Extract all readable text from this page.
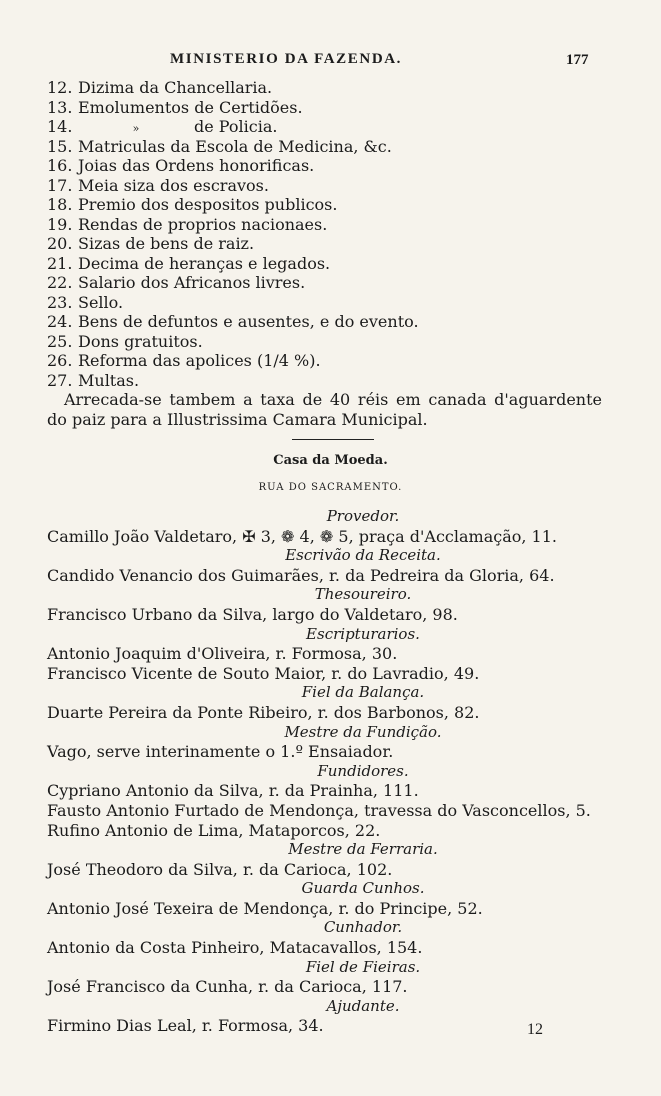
MINISTERIO DA FAZENDA.	177
12. Dizima da Chancellaria.
13. Emolumentos de Certidões.
14.	»	de Policia.
15. Matriculas da Escola de Medicina, &c.
16. Joias das Ordens honorificas.
17. Meia siza dos escravos.
18. Premio dos despositos publicos.
19. Rendas de proprios nacionaes.
20. Sizas de bens de raiz.
21. Decima de heranças e legados.
22. Salario dos Africanos livres.
23. Sello.
24. Bens de defuntos e ausentes, e do evento.
25. Dons gratuitos.
26. Reforma das apolices (1/4 %).
27. Multas.

Arrecada-se tambem a taxa de 40 réis em canada d'aguardente do paiz para a Illustrissima Camara Municipal.

Casa da Moeda.
RUA DO SACRAMENTO.
Provedor.
Camillo João Valdetaro, ✠ 3, ❁ 4, ❁ 5, praça d'Acclamação, 11.
Escrivão da Receita.
Candido Venancio dos Guimarães, r. da Pedreira da Gloria, 64.
Thesoureiro.
Francisco Urbano da Silva, largo do Valdetaro, 98.
Escripturarios.
Antonio Joaquim d'Oliveira, r. Formosa, 30.
Francisco Vicente de Souto Maior, r. do Lavradio, 49.
Fiel da Balança.
Duarte Pereira da Ponte Ribeiro, r. dos Barbonos, 82.
Mestre da Fundição.
Vago, serve interinamente o 1.º Ensaiador.
Fundidores.
Cypriano Antonio da Silva, r. da Prainha, 111.
Fausto Antonio Furtado de Mendonça, travessa do Vasconcellos, 5.
Rufino Antonio de Lima, Mataporcos, 22.
Mestre da Ferraria.
José Theodoro da Silva, r. da Carioca, 102.
Guarda Cunhos.
Antonio José Texeira de Mendonça, r. do Principe, 52.
Cunhador.
Antonio da Costa Pinheiro, Matacavallos, 154.
Fiel de Fieiras.
José Francisco da Cunha, r. da Carioca, 117.
Ajudante.
Firmino Dias Leal, r. Formosa, 34.	12
